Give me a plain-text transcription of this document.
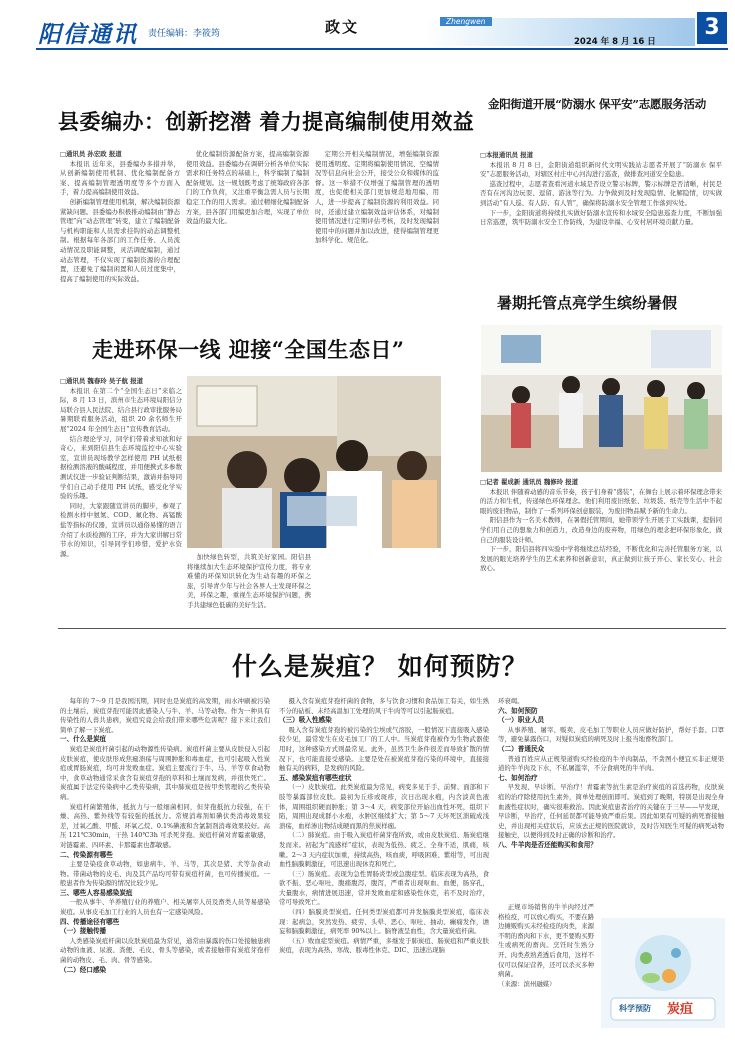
阳信通讯 责任编辑：李筱筠	政文	Zhengwen
2024 年 8 月 16 日
3
县委编办：创新挖潜 着力提高编制使用效益
□通讯员 孙宏政 报道
本报讯 近年来，县委编办多措并举，从创新编制使用机制、优化编制配备方案、提高编制管理透明度等多个方面入手，着力提高编制使用效益。
创新编制管理使用机制，解决编制资源紧缺问题。县委编办积极推动编制由“静态管理”向“动态管理”转变，建立了编制配备与机构职能和人员需求挂钩的动态调整机制。根据每年各部门的工作任务、人员流动情况及职能调整，灵活调配编制，通过动态管理，不仅实现了编制资源的合理配置，还避免了编制闲置和人员过度集中，提高了编制使用的实际效益。
优化编制资源配备方案，提高编制资源使用效益。县委编办在调研分析各单位实际需求和任务特点的基础上，科学编制了编制配备规划。这一规划既考虑了统筹政府各部门的工作负荷，又注重平衡急需人员与长期稳定工作的用人需求。通过精细化编制配备方案，县各部门用编更加合理，实现了单位效益的最大化。
定期公开相关编制情况，增强编制资源使用透明度。定期将编制使用情况、空编情况等信息向社会公开，接受公众和媒体的监督。这一举措不仅增强了编制管理的透明度，也促使相关部门更加规范地用编、用人，进一步提高了编制资源的利用效益。同时，还通过建立编制效益评估体系，对编制使用情况进行定期评估考核，及时发现编制使用中的问题并加以改进，使得编制管理更加科学化、规范化。
金阳街道开展“防溺水 保平安”志愿服务活动
□本报通讯员 报道
本报讯 8 月 8 日，金阳街道组织新时代文明实践站志愿者开展了“防溺水 保平安”志愿服务活动，对辖区村庄中心河沟进行巡查，做排查河道安全隐患。
巡查过程中，志愿者查看河道水域是否设立警示标牌，警示标牌是否清晰，村民是否有在河沟边玩耍、逗留、游泳等行为。力争做到及时发现隐情、化解隐情，切实做到活动“有人巡、有人防、有人管”，确保将防溺水安全管理工作落到实处。
下一步，金阳街道将持续扎实做好防溺水宣传和水域安全隐患巡查力度，不断加强日常巡逻，筑牢防溺水安全工作防线，为建设幸福、心安村居环境贡献力量。
走进环保一线 迎接“全国生态日”
□通讯员 魏春玲 吴子航 报道
本报讯 在第二个“全国生态日”来临之际，8 月 13 日，滨州市生态环境局阳信分局联合县人民法院、结合县行政审批服务局暑期联看服务活动，组织 20 余名师生开展“2024 年全国生态日”宣传教育活动。
结合理论学习，同学们带着求知欲和好奇心，来到阳信县生态环境监控中心实验室，宣讲员现场教学怎样使用 PH 试纸根据检测溶液的酸碱程度，并用便携式多参数测试仪进一步验证判断结果，激请并指导同学们自己动手使用 PH 试纸，感受化学实验的乐趣。
同时，大家跟随宣讲员的脚步，参观了检测水样中氨氮、COD、氟化物、高锰酸盐等指标的仪器，宣讲员以通俗易懂的语言介绍了水质检测的工序，并为大家讲解日常节水的知识，引导同学们珍惜、爱护水资源。	加快绿色转型，共筑美好家园。阳信县将继续加大生态环境保护宣传力度，将专业难懂的环保知识转化为生动有趣的环保之旅，引导青少年与社会各界人士发现环保之美，环保之趣，重视生态环境保护问题，携手共建绿色低碳的美好生活。
暑期托管点亮学生缤纷暑假
□记者 翟成新 通讯员 魏修玲 报道
本报讯 伴随着动感的音乐节奏，孩子们身着“盛装”，在舞台上展示着环保理念带来的活力和生机，传递绿色环保理念。他们利用废旧纸张、垃圾袋、纸壳等生活中不起眼的废旧物品，制作了一系列环保创意服装，为废旧物品赋予新的生命力。
阳信县作为一名美术教师，在暑假托管期间，她带领学生开展手工实践课，提倡同学们用自己的想象力和创造力，改造身边的废弃物，用绿色的理念把环保形象化，做自己的服装设计师。
下一步，阳信县将四实验中学将继续总结经验，不断优化和完善托管服务方案，以发展的眼光培养学生的艺术素养和创新意识，真正做到让孩子开心、家长安心、社会放心。
什么是炭疽？ 如何预防？
每年的 7～9 月是我国汛期，同时也是炭疽的高发期，雨水冲刷被污染的土壤后，炭疽芽孢可能因此感染人与牛、羊、马等动物。作为一种具有传染性的人兽共患病，炭疽究竟会给我们带来哪些危害呢？接下来让我们简单了解一下炭疽。
一、什么是炭疽
炭疽是炭疽杆菌引起的动物源性传染病。炭疽杆菌主要从皮肤侵入引起皮肤炭疽，使皮肤形成焦痂溃疡与周围肿胀和毒血症，也可引起吸入性炭疽或胃肠炭疽，均可并发败血症。炭疽主要流行于牛、马、羊等草食动物中，食草动物通常采食含有炭疽芽孢的草料和土壤而发病，并很快死亡。炭疽属于法定传染病中乙类传染病，其中肺炭疽是按甲类管理的乙类传染病。
炭疽杆菌繁殖体，抵抗力与一般细菌相同，但芽孢抵抗力较强，在干燥、高热、紫外线等有较强的抵抗力。常规消毒剂如碘伏类消毒效果较差，过氧乙酸、甲醛、环氧乙烷、0.1%碘液和含氯制剂消毒效果较好。高压 121℃30min，干热 140℃3h 可杀死芽孢。炭疽杆菌对青霉素敏感，对链霉素、四环素、卡那霉素也都敏感。
二、传染源有哪些
主要是染疫食草动物，如患病牛、羊、马等，其次是猪、犬等杂食动物。带菌动物的皮毛、肉及其产品均可带有炭疽杆菌，也可传播炭疽。一般患者作为传染源的情况比较少见。
三、哪些人容易感染炭疽
一般从事牛、羊养殖行业的养殖户、相关屠宰人员及畜类人员等易感染炭疽。从事皮毛加工行业的人员也有一定感染风险。
四、传播途径有哪些
（一）接触传播
人类感染炭疽杆菌以皮肤炭疽最为常见，通常由暴露的伤口处接触患病动物的血液、尿液、粪便、毛皮、骨头等感染，或者接触带有炭疽芽孢杆菌的动物皮、毛、肉、骨等感染。
（二）经口感染
摄入含有炭疽芽孢杆菌的食物，多与饮食习惯和食品加工有关，如生熟不分的砧板、未经高温加工处理的风干牛肉等可以引起肠炭疽。
（三）吸入性感染
吸入含有炭疽芽孢的被污染的尘埃或气溶胶，一般情况下直接吸入感染较少见，最常发生在皮毛加工厂的工人中。当炭疽芽孢被作为生物武器使用时，这种感染方式则最常见。此外，虽然卫生条件很差而导致扩散的情况下，也可能直接受感染。主要是处在被炭疽芽孢污染的环境中，直接接触有关的病料，是发病的风险。
五、感染炭疽有哪些症状
（一）皮肤炭疽。此类炭疽最为常见，病变多见于手、前臂、面部和下肢等暴露部位皮肤。最初为丘疹或斑疹，次日出现水疱，内含淡黄色液体，周围组织硬而肿胀；第 3～4 天，病变部位开始出血性坏死，组织下陷，周围出现成群小水疱，水肿区继续扩大；第 5～7 天坏死区溃破成浅溃疡，血样渗出物结成硬而黑的焦炭样痂。
（二）肺炭疽。由于吸入炭疽杆菌芽孢所致，或由皮肤炭疽、肠炭疽继发而来。初起为“流感样”症状，表现为低热、疲乏、全身不适，肌痛，咳嗽。2～3 天内症状加重，持续高热，咳血痰，呼吸困难、紫绀等，可出现血性脑膜刺激征，可迅速出现休克和死亡。
（三）肠炭疽。表现为急性胃肠炎型或急腹症型。临床表现为高热，食欲不振、恶心呕吐、腹痛腹泻，腹泻，严重者出现呕血、血便，肠穿孔，大量腹水，病情进展迅速，常并发败血症和感染性休克，若不及时治疗，常可导致死亡。
（四）脑膜炎型炭疽。任何类型炭疽都可并发脑膜炎型炭疽，临床表现：起病急，突然发热、疲劳、头晕、恶心、呕吐、抽动、癫痫发作，谵妄和脑膜刺激征，病死率 90%以上。脑脊液呈血性，含大量炭疽杆菌。
（五）败血症型炭疽。病情严重，多继发于肺炭疽、肠炭疽和严重皮肤炭疽，表现为高热、寒战、脓毒性休克、DIC、迅速出现脑
环衰竭。
六、如何预防
（一）职业人员
从事养殖、屠宰、贩卖、皮毛加工等职业人员应做好防护，帮好手套、口罩等，避免暴露伤口，对疑似炭疽的病死及时上报当地畜牧部门。
（二）普通民众
普通百姓应从正规渠道购买经检疫的牛羊肉制品，不贪图小便宜买非正规渠道的牛羊肉及下水，不私屠滥宰，不分食病死的牛羊肉。
七、如何治疗
早发现、早诊断、早治疗！青霉素等抗生素是治疗炭疽的首选药物，皮肤炭疽的治疗除使用抗生素外，简单处理创面即可。炭疽到了晚期，特别是出现全身血液性症状时，确实很难救治。因此炭疽患者治疗的关键在于三早——早发现，早诊断，早治疗，任何延误都可能导致严重后果。因此如果有可疑的病死畜接触史，并出现相关症状后，应该去正规的医院就诊，及时告知医生可疑的病死动物接触史，以便得到及时正确的诊断和治疗。
八、牛羊肉是否还能购买和食用？
正规市场销售的牛羊肉经过严格检疫，可以放心购买，不要在路边摊贩购买未经检疫的肉类，来源不明的畜肉和下水，更不要购买野生或病死的畜肉。烹饪时生熟分开、肉类煮熟煮透后食用，这样不仅可以保证营养，还可以杀灭多种病菌。
（来源：滨州融媒）
科学预防 炭疽
